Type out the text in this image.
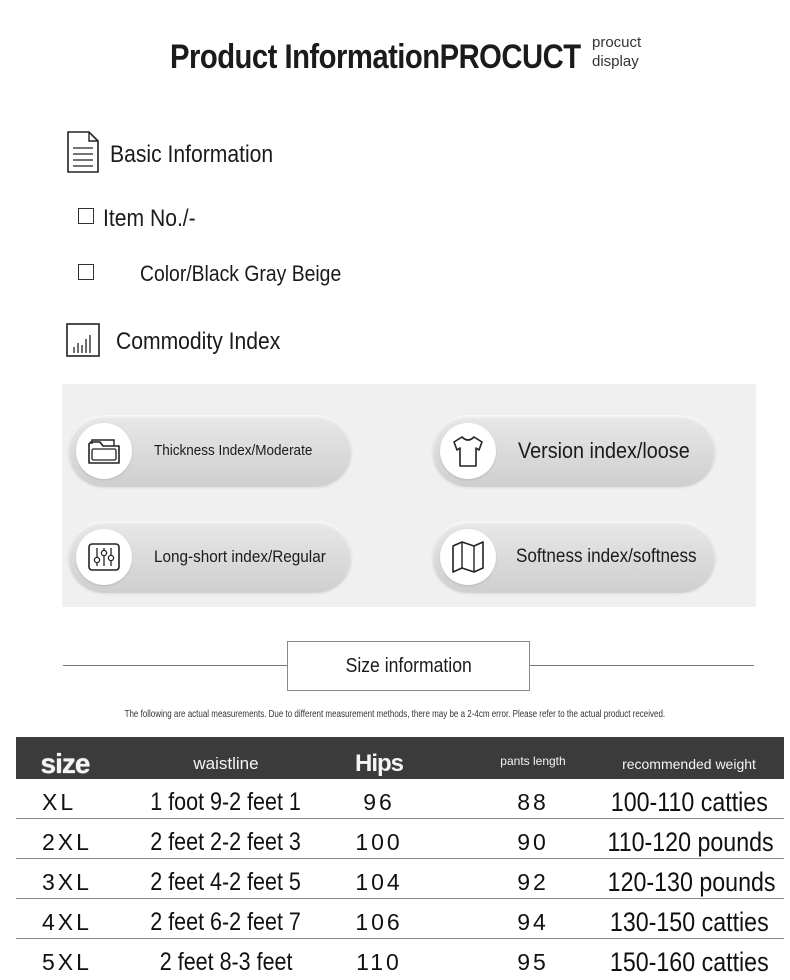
Product InformationPROCUCT procuct display
Basic Information
Item No./-
Color/Black Gray Beige
Commodity Index
Thickness Index/Moderate	Version index/loose
Long-short index/Regular	Softness index/softness
Size information
The following are actual measurements. Due to different measurement methods, there may be a 2-4cm error. Please refer to the actual product received.
size	waistline	Hips	pants length	recommended weight
XL	1 foot 9-2 feet 1	96	88	100-110 catties
2XL	2 feet 2-2 feet 3	100	90	110-120 pounds
3XL	2 feet 4-2 feet 5	104	92	120-130 pounds
4XL	2 feet 6-2 feet 7	106	94	130-150 catties
5XL	2 feet 8-3 feet	110	95	150-160 catties
